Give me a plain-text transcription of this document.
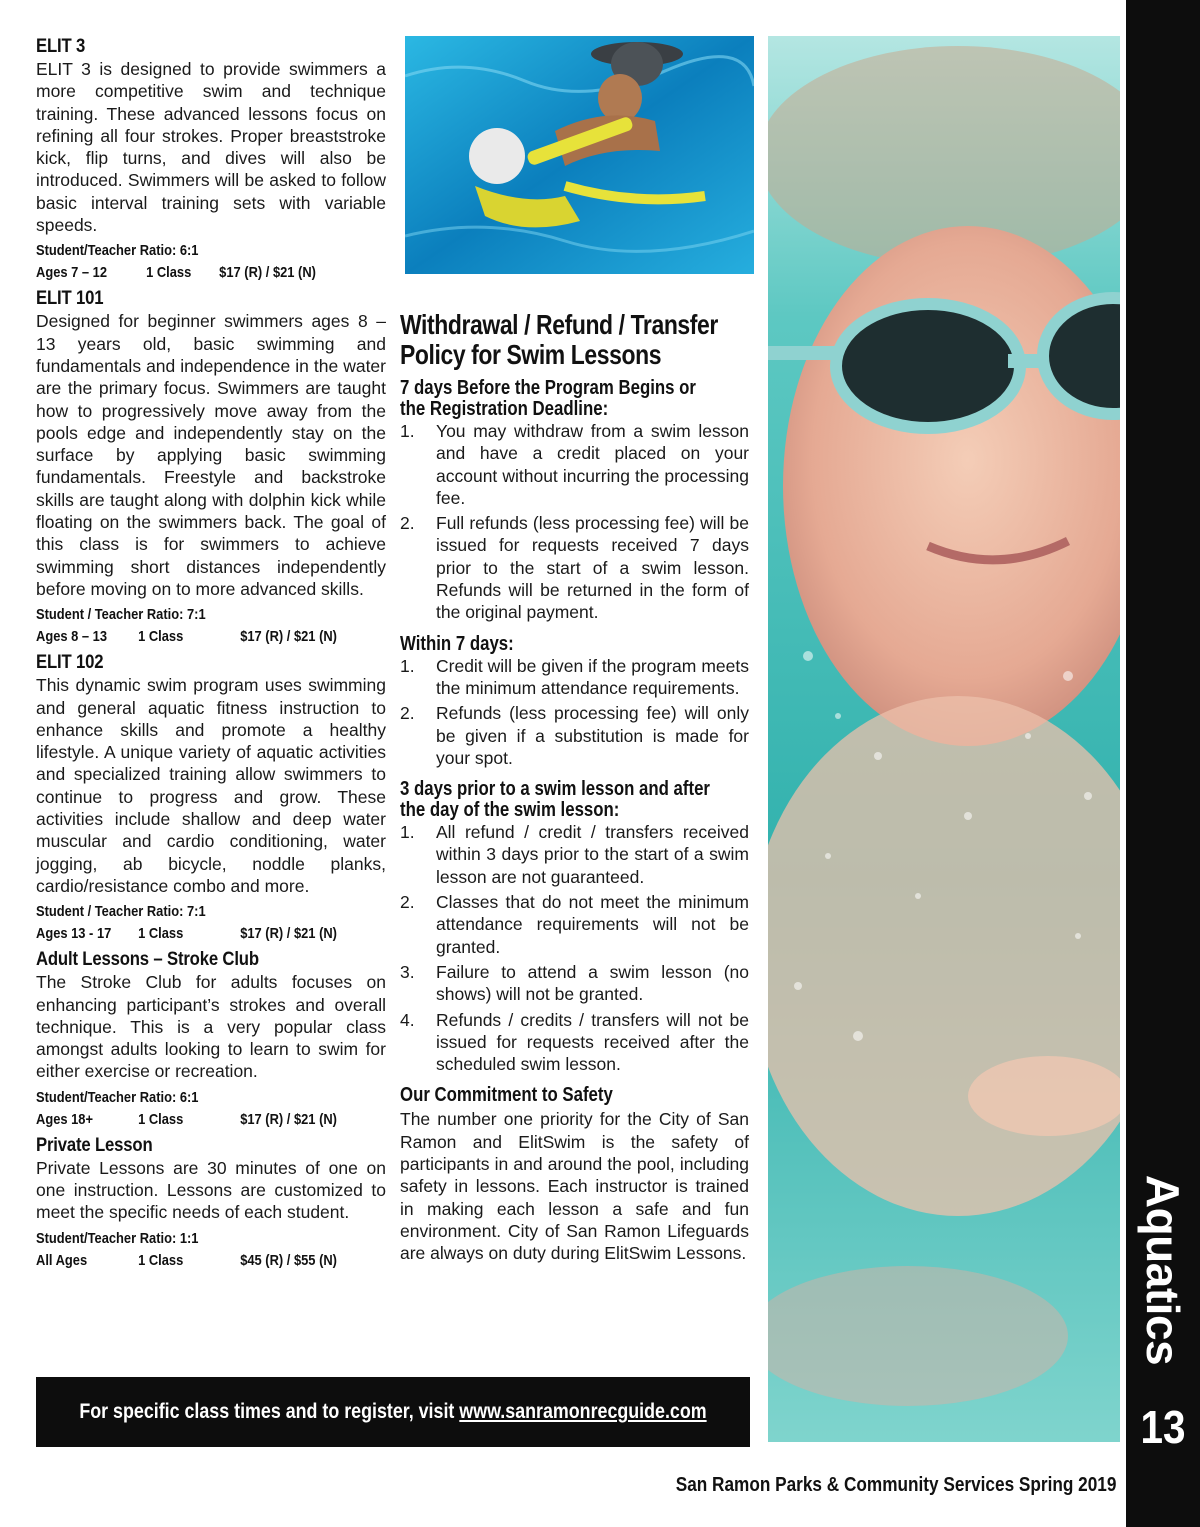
ELIT 3

ELIT 3 is designed to provide swimmers a more competitive swim and technique training. These advanced lessons focus on refining all four strokes. Proper breaststroke kick, flip turns, and dives will also be introduced. Swimmers will be asked to follow basic interval training sets with variable speeds.

Student/Teacher Ratio: 6:1
Ages 7 – 12	1 Class	$17 (R) / $21 (N)
ELIT 101

Designed for beginner swimmers ages 8 – 13 years old, basic swimming and fundamentals and independence in the water are the primary focus. Swimmers are taught how to progressively move away from the pools edge and independently stay on the surface by applying basic swimming fundamentals. Freestyle and backstroke skills are taught along with dolphin kick while floating on the swimmers back. The goal of this class is for swimmers to achieve swimming short distances independently before moving on to more advanced skills.

Student / Teacher Ratio: 7:1
Ages 8 – 13	1 Class	$17 (R) / $21 (N)
ELIT 102

This dynamic swim program uses swimming and general aquatic fitness instruction to enhance skills and promote a healthy lifestyle. A unique variety of aquatic activities and specialized training allow swimmers to continue to progress and grow. These activities include shallow and deep water muscular and cardio conditioning, water jogging, ab bicycle, noddle planks, cardio/resistance combo and more.

Student / Teacher Ratio: 7:1
Ages 13 - 17	1 Class	$17 (R) / $21 (N)
Adult Lessons – Stroke Club

The Stroke Club for adults focuses on enhancing participant’s strokes and overall technique. This is a very popular class amongst adults looking to learn to swim for either exercise or recreation.

Student/Teacher Ratio: 6:1
Ages 18+	1 Class	$17 (R) / $21 (N)
Private Lesson

Private Lessons are 30 minutes of one on one instruction. Lessons are customized to meet the specific needs of each student.

Student/Teacher Ratio: 1:1
All Ages	1 Class	$45 (R) / $55 (N)
Withdrawal / Refund / Transfer
Policy for Swim Lessons
7 days Before the Program Begins or
the Registration Deadline:
1.	You may withdraw from a swim lesson and have a credit placed on your account without incurring the processing fee.
2.	Full refunds (less processing fee) will be issued for requests received 7 days prior to the start of a swim lesson. Refunds will be returned in the form of the original payment.
Within 7 days:
1.	Credit will be given if the program meets the minimum attendance requirements.
2.	Refunds (less processing fee) will only be given if a substitution is made for your spot.
3 days prior to a swim lesson and after
the day of the swim lesson:
1.	All refund / credit / transfers received within 3 days prior to the start of a swim lesson are not guaranteed.
2.	Classes that do not meet the minimum attendance requirements will not be granted.
3.	Failure to attend a swim lesson (no shows) will not be granted.
4.	Refunds / credits / transfers will not be issued for requests received after the scheduled swim lesson.
Our Commitment to Safety

The number one priority for the City of San Ramon and ElitSwim is the safety of participants in and around the pool, including safety in lessons. Each instructor is trained in making each lesson a safe and fun environment. City of San Ramon Lifeguards are always on duty during ElitSwim Lessons.

For specific class times and to register, visit www.sanramonrecguide.com
Aquatics
13
San Ramon Parks & Community Services Spring 2019
